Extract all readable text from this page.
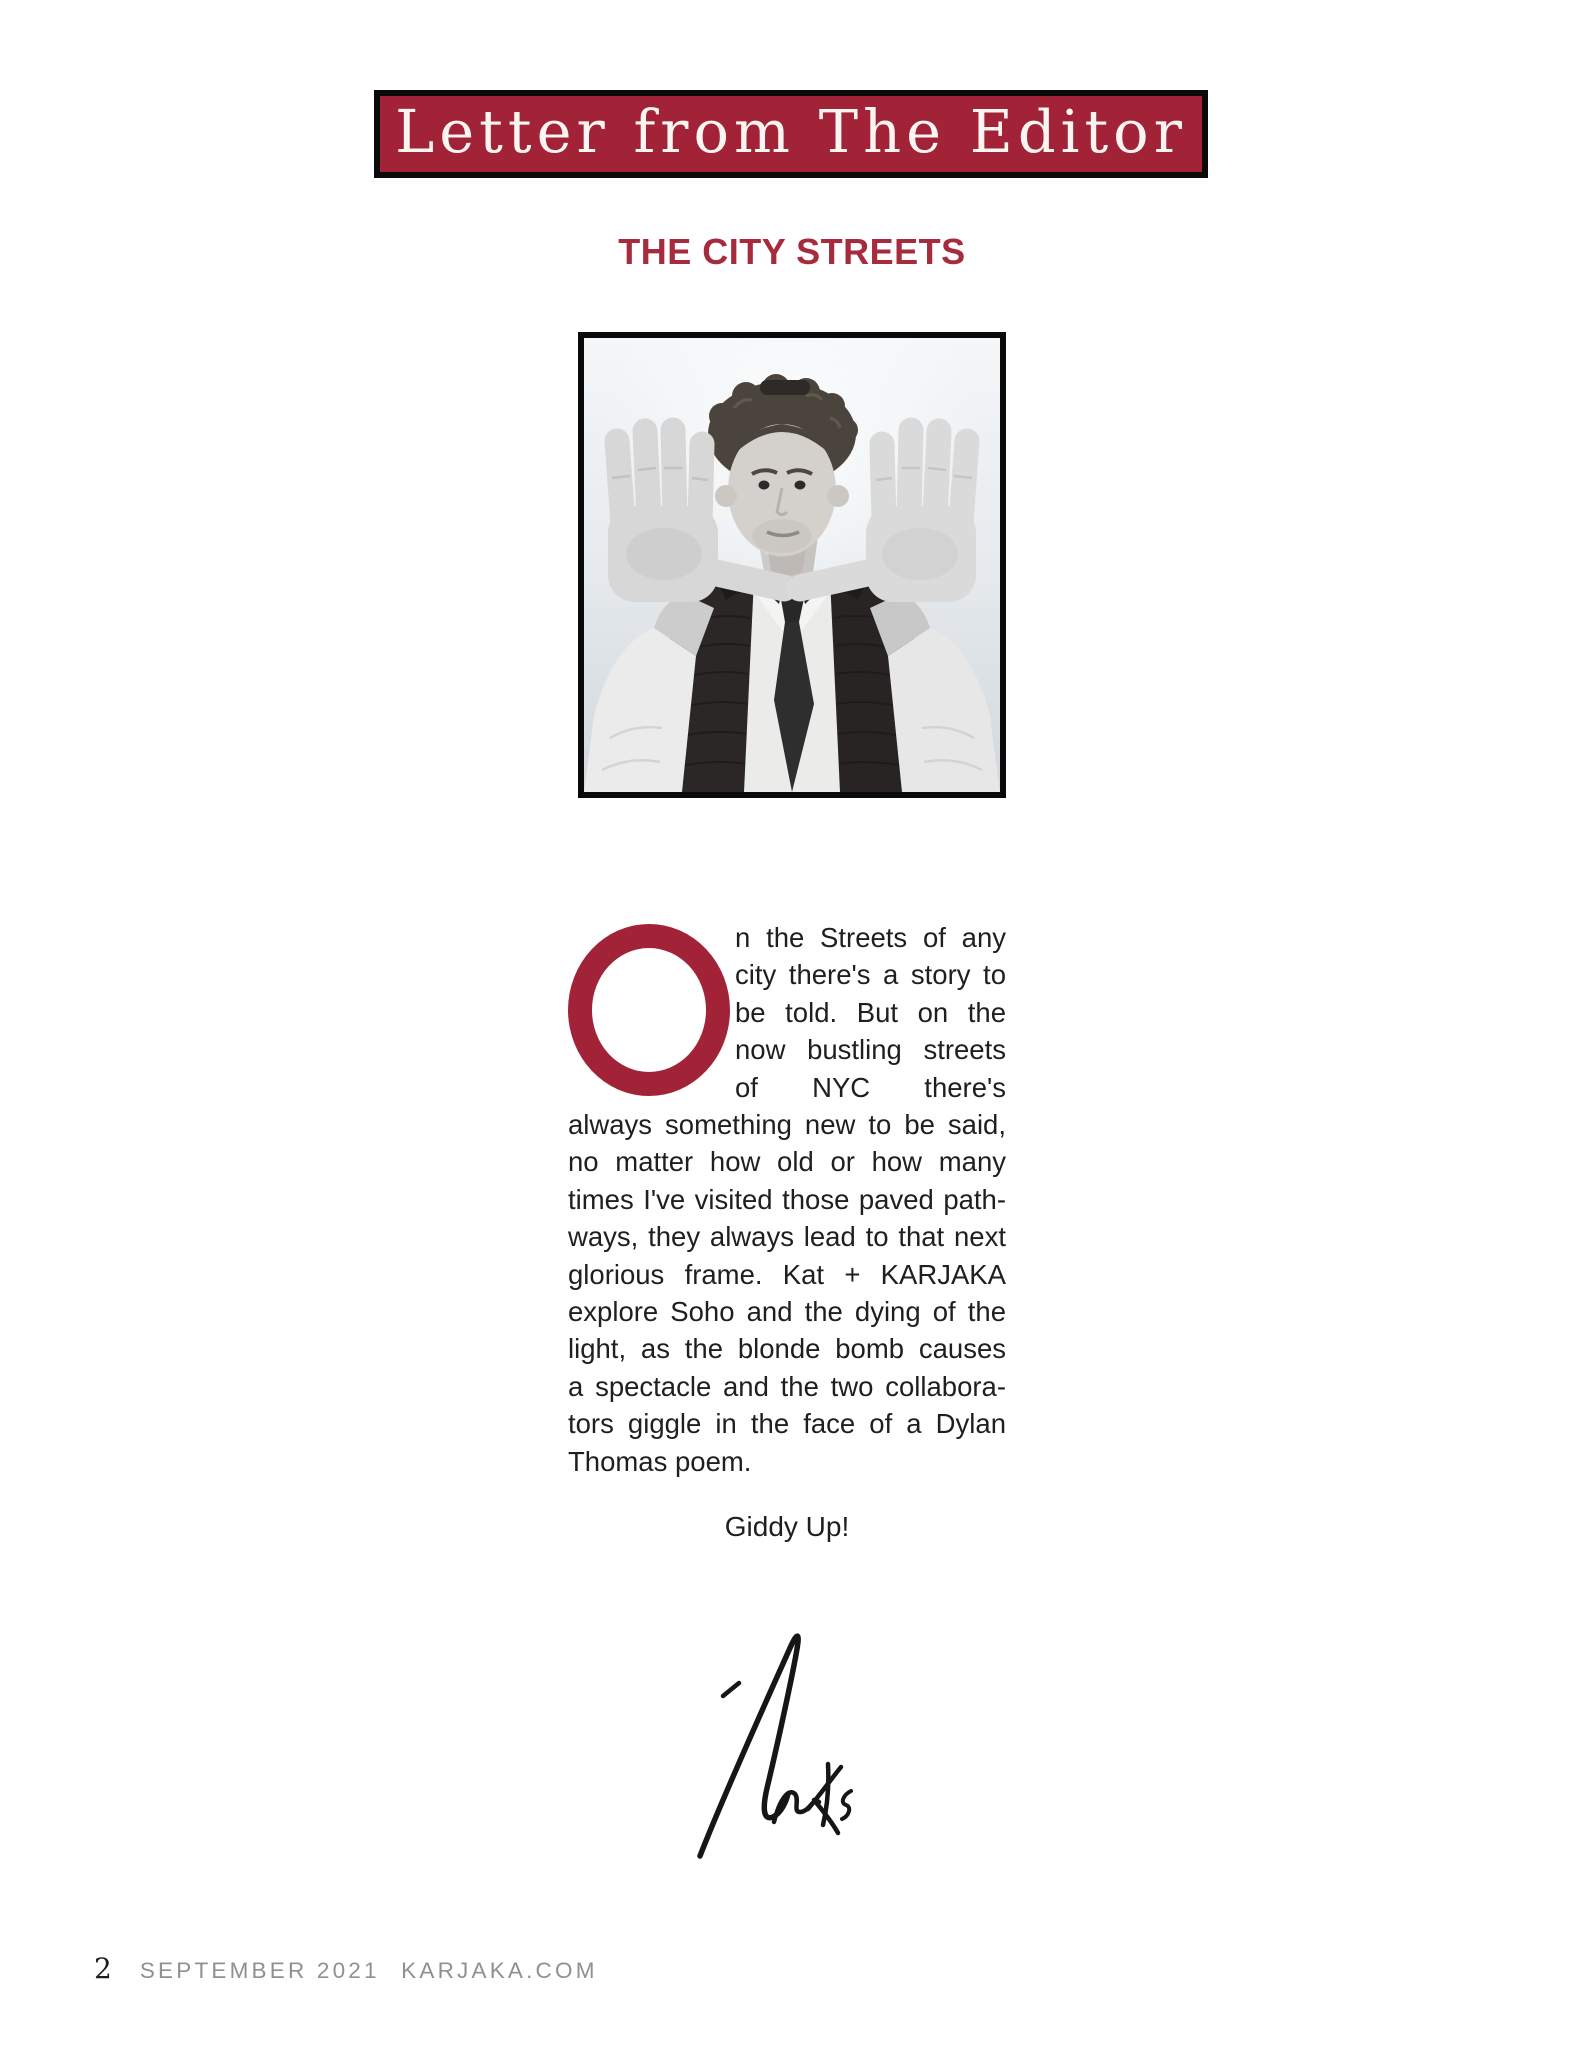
Letter from The Editor
THE CITY STREETS
n the Streets of any
city there's a story to
be told. But on the
now bustling streets
of NYC there's
always something new to be said,
no matter how old or how many
times I've visited those paved path-
ways, they always lead to that next
glorious frame. Kat + KARJAKA
explore Soho and the dying of the
light, as the blonde bomb causes
a spectacle and the two collabora-
tors giggle in the face of a Dylan
Thomas poem.
Giddy Up!
2 SEPTEMBER 2021 KARJAKA.COM
